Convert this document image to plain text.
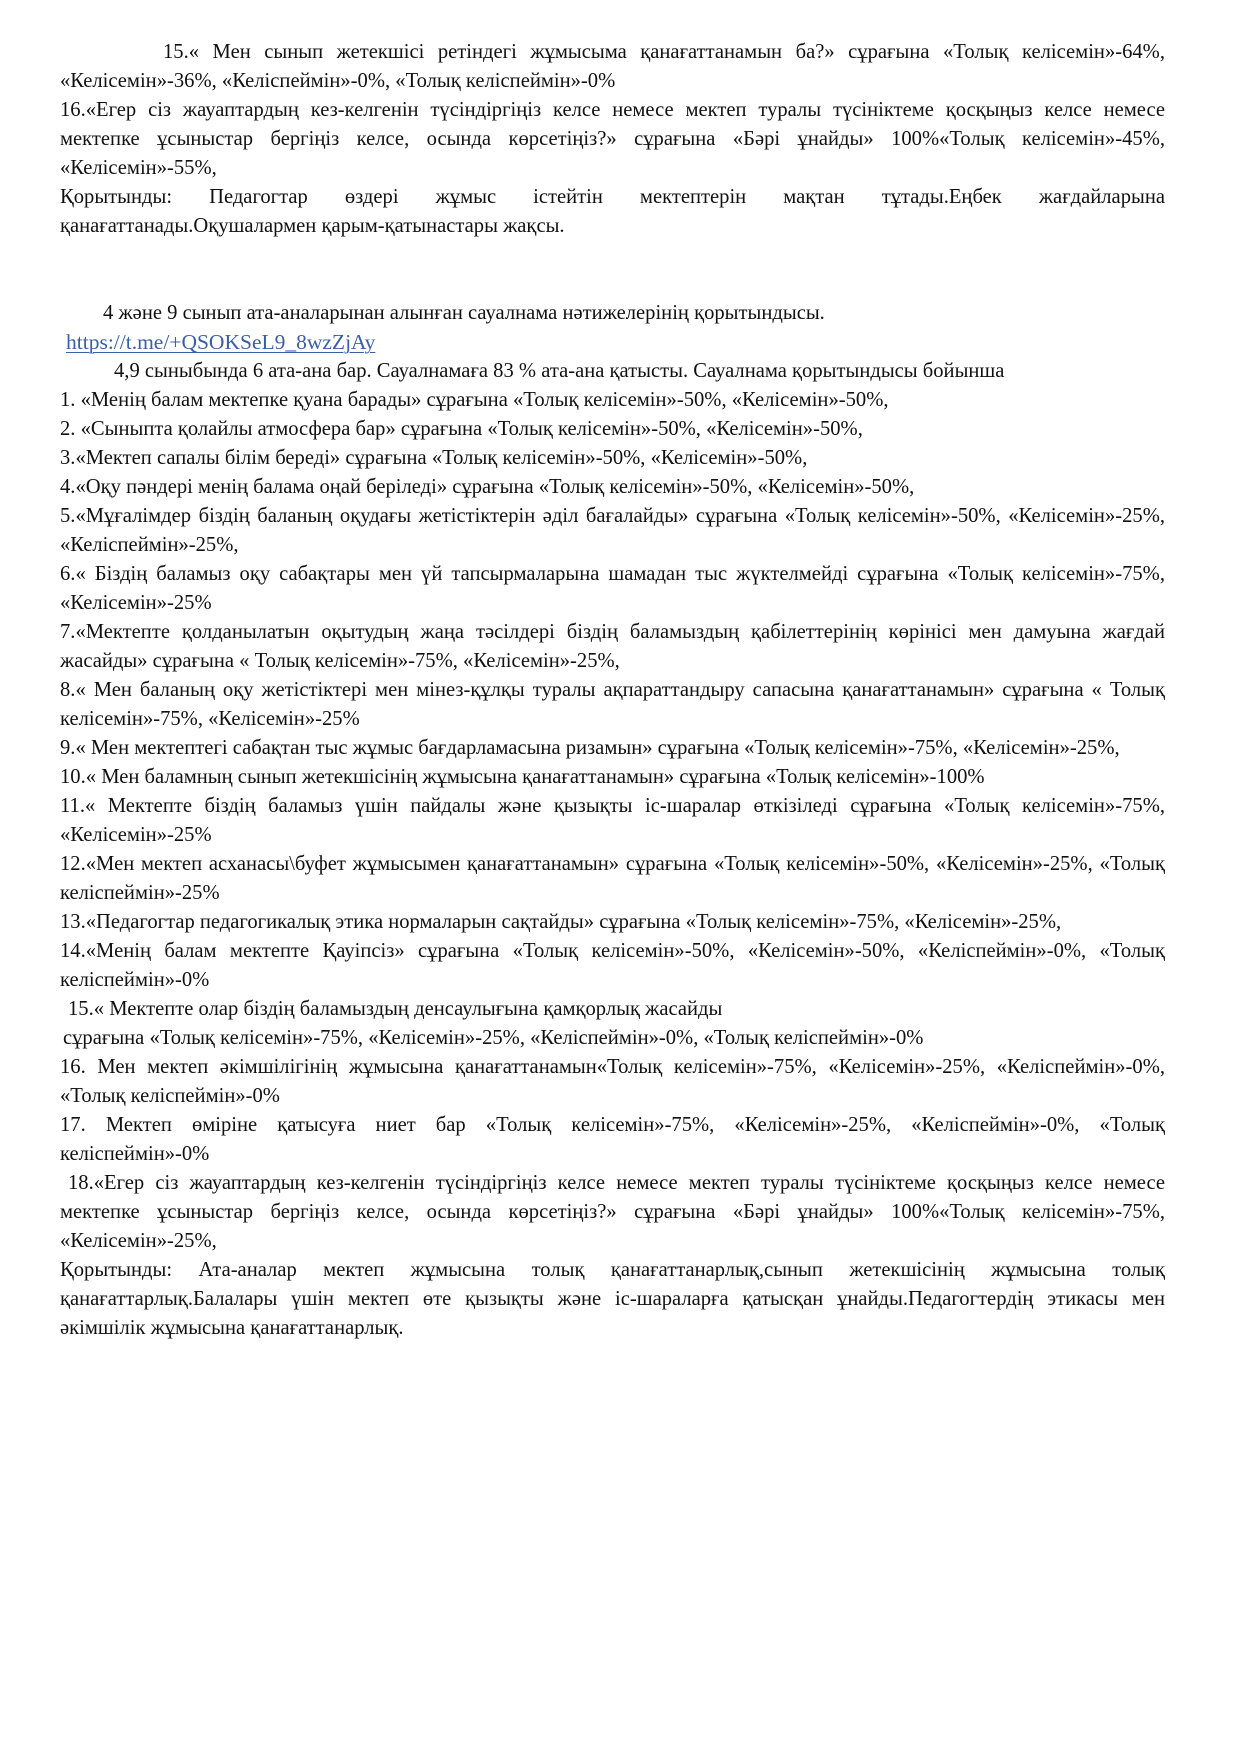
15.« Мен сынып жетекшісі ретіндегі жұмысыма қанағаттанамын ба?» сұрағына «Толық келісемін»-64%, «Келісемін»-36%, «Келіспеймін»-0%, «Толық келіспеймін»-0%

16.«Егер сіз жауаптардың кез-келгенін түсіндіргіңіз келсе немесе мектеп туралы түсініктеме қосқыңыз келсе немесе мектепке ұсыныстар бергіңіз келсе, осында көрсетіңіз?» сұрағына «Бәрі ұнайды» 100%«Толық келісемін»-45%, «Келісемін»-55%,

Қорытынды: Педагогтар өздері жұмыс істейтін мектептерін мақтан тұтады.Еңбек жағдайларына қанағаттанады.Оқушалармен қарым-қатынастары жақсы.

4 және 9 сынып ата-аналарынан алынған сауалнама нәтижелерінің қорытындысы.

https://t.me/+QSOKSeL9_8wzZjAy

4,9 сыныбында 6 ата-ана бар. Сауалнамаға 83 % ата-ана қатысты. Сауалнама қорытындысы бойынша

1. «Менің балам мектепке қуана барады» сұрағына «Толық келісемін»-50%, «Келісемін»-50%,

2. «Сыныпта қолайлы атмосфера бар» сұрағына «Толық келісемін»-50%, «Келісемін»-50%,

3.«Мектеп сапалы білім береді» сұрағына «Толық келісемін»-50%, «Келісемін»-50%,

4.«Оқу пәндері менің балама оңай беріледі» сұрағына «Толық келісемін»-50%, «Келісемін»-50%,

5.«Мұғалімдер біздің баланың оқудағы жетістіктерін әділ бағалайды» сұрағына «Толық келісемін»-50%, «Келісемін»-25%, «Келіспеймін»-25%,

6.« Біздің баламыз оқу сабақтары мен үй тапсырмаларына шамадан тыс жүктелмейді сұрағына «Толық келісемін»-75%, «Келісемін»-25%

7.«Мектепте қолданылатын оқытудың жаңа тәсілдері біздің баламыздың қабілеттерінің көрінісі мен дамуына жағдай жасайды» сұрағына « Толық келісемін»-75%, «Келісемін»-25%,

8.« Мен баланың оқу жетістіктері мен мінез-құлқы туралы ақпараттандыру сапасына қанағаттанамын» сұрағына « Толық келісемін»-75%, «Келісемін»-25%

9.« Мен мектептегі сабақтан тыс жұмыс бағдарламасына ризамын» сұрағына «Толық келісемін»-75%, «Келісемін»-25%,

10.« Мен баламның сынып жетекшісінің жұмысына қанағаттанамын» сұрағына «Толық келісемін»-100%

11.« Мектепте біздің баламыз үшін пайдалы және қызықты іс-шаралар өткізіледі сұрағына «Толық келісемін»-75%, «Келісемін»-25%

12.«Мен мектеп асханасы\буфет жұмысымен қанағаттанамын» сұрағына «Толық келісемін»-50%, «Келісемін»-25%, «Толық келіспеймін»-25%

13.«Педагогтар педагогикалық этика нормаларын сақтайды» сұрағына «Толық келісемін»-75%, «Келісемін»-25%,

14.«Менің балам мектепте Қауіпсіз» сұрағына «Толық келісемін»-50%, «Келісемін»-50%, «Келіспеймін»-0%, «Толық келіспеймін»-0%

15.« Мектепте олар біздің баламыздың денсаулығына қамқорлық жасайды

сұрағына «Толық келісемін»-75%, «Келісемін»-25%, «Келіспеймін»-0%, «Толық келіспеймін»-0%

16. Мен мектеп әкімшілігінің жұмысына қанағаттанамын«Толық келісемін»-75%, «Келісемін»-25%, «Келіспеймін»-0%, «Толық келіспеймін»-0%

17. Мектеп өміріне қатысуға ниет бар «Толық келісемін»-75%, «Келісемін»-25%, «Келіспеймін»-0%, «Толық келіспеймін»-0%

18.«Егер сіз жауаптардың кез-келгенін түсіндіргіңіз келсе немесе мектеп туралы түсініктеме қосқыңыз келсе немесе мектепке ұсыныстар бергіңіз келсе, осында көрсетіңіз?» сұрағына «Бәрі ұнайды» 100%«Толық келісемін»-75%, «Келісемін»-25%,

Қорытынды: Ата-аналар мектеп жұмысына толық қанағаттанарлық,сынып жетекшісінің жұмысына толық қанағаттарлық.Балалары үшін мектеп өте қызықты және іс-шараларға қатысқан ұнайды.Педагогтердің этикасы мен әкімшілік жұмысына қанағаттанарлық.
